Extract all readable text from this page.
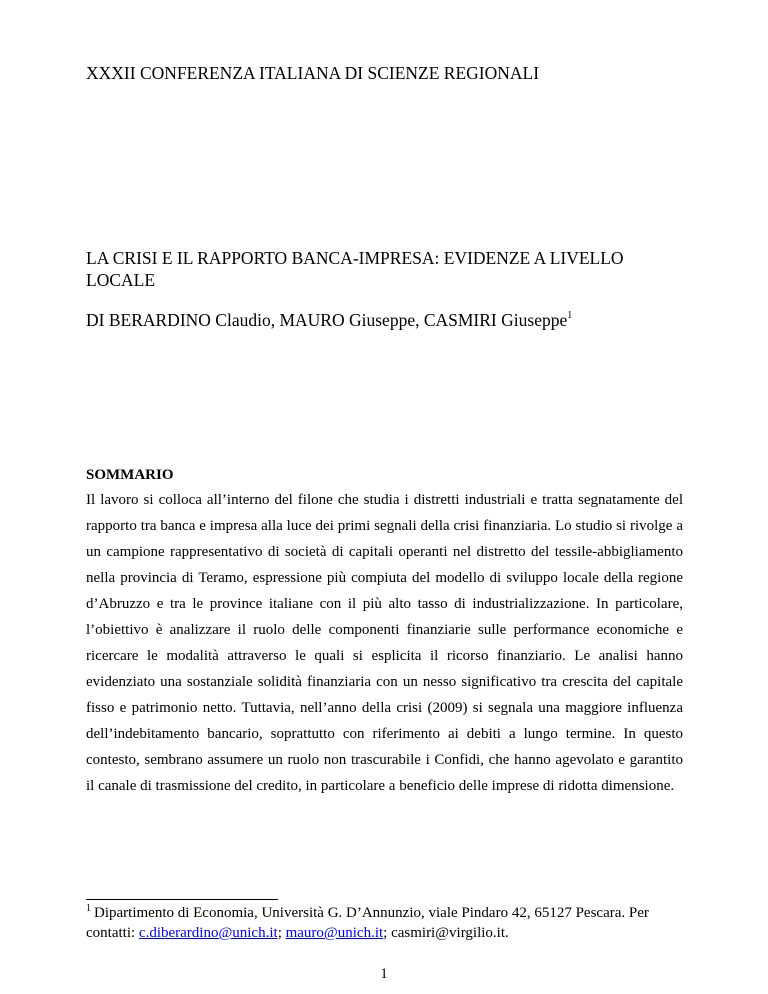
XXXII CONFERENZA ITALIANA DI SCIENZE REGIONALI
LA CRISI E IL RAPPORTO BANCA-IMPRESA: EVIDENZE A LIVELLO LOCALE
DI BERARDINO Claudio, MAURO Giuseppe, CASMIRI Giuseppe$^1$
SOMMARIO
Il lavoro si colloca all’interno del filone che studia i distretti industriali e tratta segnatamente del rapporto tra banca e impresa alla luce dei primi segnali della crisi finanziaria. Lo studio si rivolge a un campione rappresentativo di società di capitali operanti nel distretto del tessile-abbigliamento nella provincia di Teramo, espressione più compiuta del modello di sviluppo locale della regione d’Abruzzo e tra le province italiane con il più alto tasso di industrializzazione. In particolare, l’obiettivo è analizzare il ruolo delle componenti finanziarie sulle performance economiche e ricercare le modalità attraverso le quali si esplicita il ricorso finanziario. Le analisi hanno evidenziato una sostanziale solidità finanziaria con un nesso significativo tra crescita del capitale fisso e patrimonio netto. Tuttavia, nell’anno della crisi (2009) si segnala una maggiore influenza dell’indebitamento bancario, soprattutto con riferimento ai debiti a lungo termine. In questo contesto, sembrano assumere un ruolo non trascurabile i Confidi, che hanno agevolato e garantito il canale di trasmissione del credito, in particolare a beneficio delle imprese di ridotta dimensione.
$^1$ Dipartimento di Economia, Università G. D’Annunzio, viale Pindaro 42, 65127 Pescara. Per contatti: c.diberardino@unich.it; mauro@unich.it; casmiri@virgilio.it.
1
